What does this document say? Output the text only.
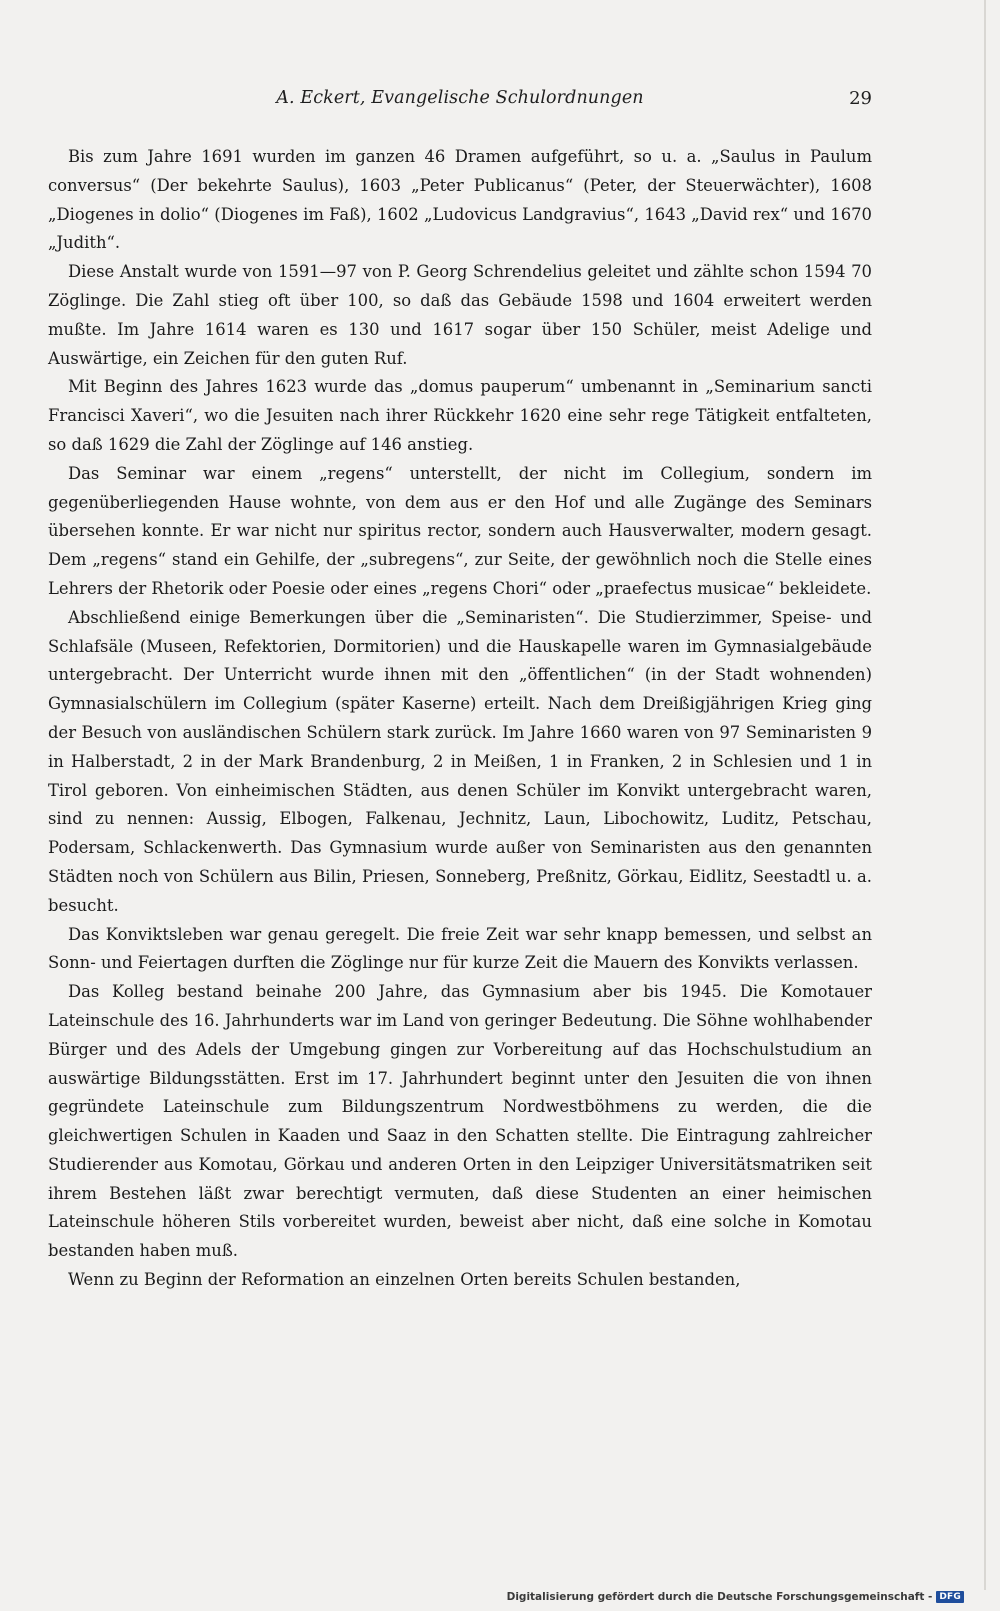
A. Eckert, Evangelische Schulordnungen	29

Bis zum Jahre 1691 wurden im ganzen 46 Dramen aufgeführt, so u. a. „Saulus in Paulum conversus“ (Der bekehrte Saulus), 1603 „Peter Publicanus“ (Peter, der Steuerwächter), 1608 „Diogenes in dolio“ (Diogenes im Faß), 1602 „Ludovicus Landgravius“, 1643 „David rex“ und 1670 „Judith“.

Diese Anstalt wurde von 1591—97 von P. Georg Schrendelius geleitet und zählte schon 1594 70 Zöglinge. Die Zahl stieg oft über 100, so daß das Gebäude 1598 und 1604 erweitert werden mußte. Im Jahre 1614 waren es 130 und 1617 sogar über 150 Schüler, meist Adelige und Auswärtige, ein Zeichen für den guten Ruf.

Mit Beginn des Jahres 1623 wurde das „domus pauperum“ umbenannt in „Seminarium sancti Francisci Xaveri“, wo die Jesuiten nach ihrer Rückkehr 1620 eine sehr rege Tätigkeit entfalteten, so daß 1629 die Zahl der Zöglinge auf 146 anstieg.

Das Seminar war einem „regens“ unterstellt, der nicht im Collegium, sondern im gegenüberliegenden Hause wohnte, von dem aus er den Hof und alle Zugänge des Seminars übersehen konnte. Er war nicht nur spiritus rector, sondern auch Hausverwalter, modern gesagt. Dem „regens“ stand ein Gehilfe, der „subregens“, zur Seite, der gewöhnlich noch die Stelle eines Lehrers der Rhetorik oder Poesie oder eines „regens Chori“ oder „praefectus musicae“ bekleidete.

Abschließend einige Bemerkungen über die „Seminaristen“. Die Studierzimmer, Speise- und Schlafsäle (Museen, Refektorien, Dormitorien) und die Hauskapelle waren im Gymnasialgebäude untergebracht. Der Unterricht wurde ihnen mit den „öffentlichen“ (in der Stadt wohnenden) Gymnasialschülern im Collegium (später Kaserne) erteilt. Nach dem Dreißigjährigen Krieg ging der Besuch von ausländischen Schülern stark zurück. Im Jahre 1660 waren von 97 Seminaristen 9 in Halberstadt, 2 in der Mark Brandenburg, 2 in Meißen, 1 in Franken, 2 in Schlesien und 1 in Tirol geboren. Von einheimischen Städten, aus denen Schüler im Konvikt untergebracht waren, sind zu nennen: Aussig, Elbogen, Falkenau, Jechnitz, Laun, Libochowitz, Luditz, Petschau, Podersam, Schlackenwerth. Das Gymnasium wurde außer von Seminaristen aus den genannten Städten noch von Schülern aus Bilin, Priesen, Sonneberg, Preßnitz, Görkau, Eidlitz, Seestadtl u. a. besucht.

Das Konviktsleben war genau geregelt. Die freie Zeit war sehr knapp bemessen, und selbst an Sonn- und Feiertagen durften die Zöglinge nur für kurze Zeit die Mauern des Konvikts verlassen.

Das Kolleg bestand beinahe 200 Jahre, das Gymnasium aber bis 1945. Die Komotauer Lateinschule des 16. Jahrhunderts war im Land von geringer Bedeutung. Die Söhne wohlhabender Bürger und des Adels der Umgebung gingen zur Vorbereitung auf das Hochschulstudium an auswärtige Bildungsstätten. Erst im 17. Jahrhundert beginnt unter den Jesuiten die von ihnen gegründete Lateinschule zum Bildungszentrum Nordwestböhmens zu werden, die die gleichwertigen Schulen in Kaaden und Saaz in den Schatten stellte. Die Eintragung zahlreicher Studierender aus Komotau, Görkau und anderen Orten in den Leipziger Universitätsmatriken seit ihrem Bestehen läßt zwar berechtigt vermuten, daß diese Studenten an einer heimischen Lateinschule höheren Stils vorbereitet wurden, beweist aber nicht, daß eine solche in Komotau bestanden haben muß.

Wenn zu Beginn der Reformation an einzelnen Orten bereits Schulen bestanden,

Digitalisierung gefördert durch die Deutsche Forschungsgemeinschaft - DFG
